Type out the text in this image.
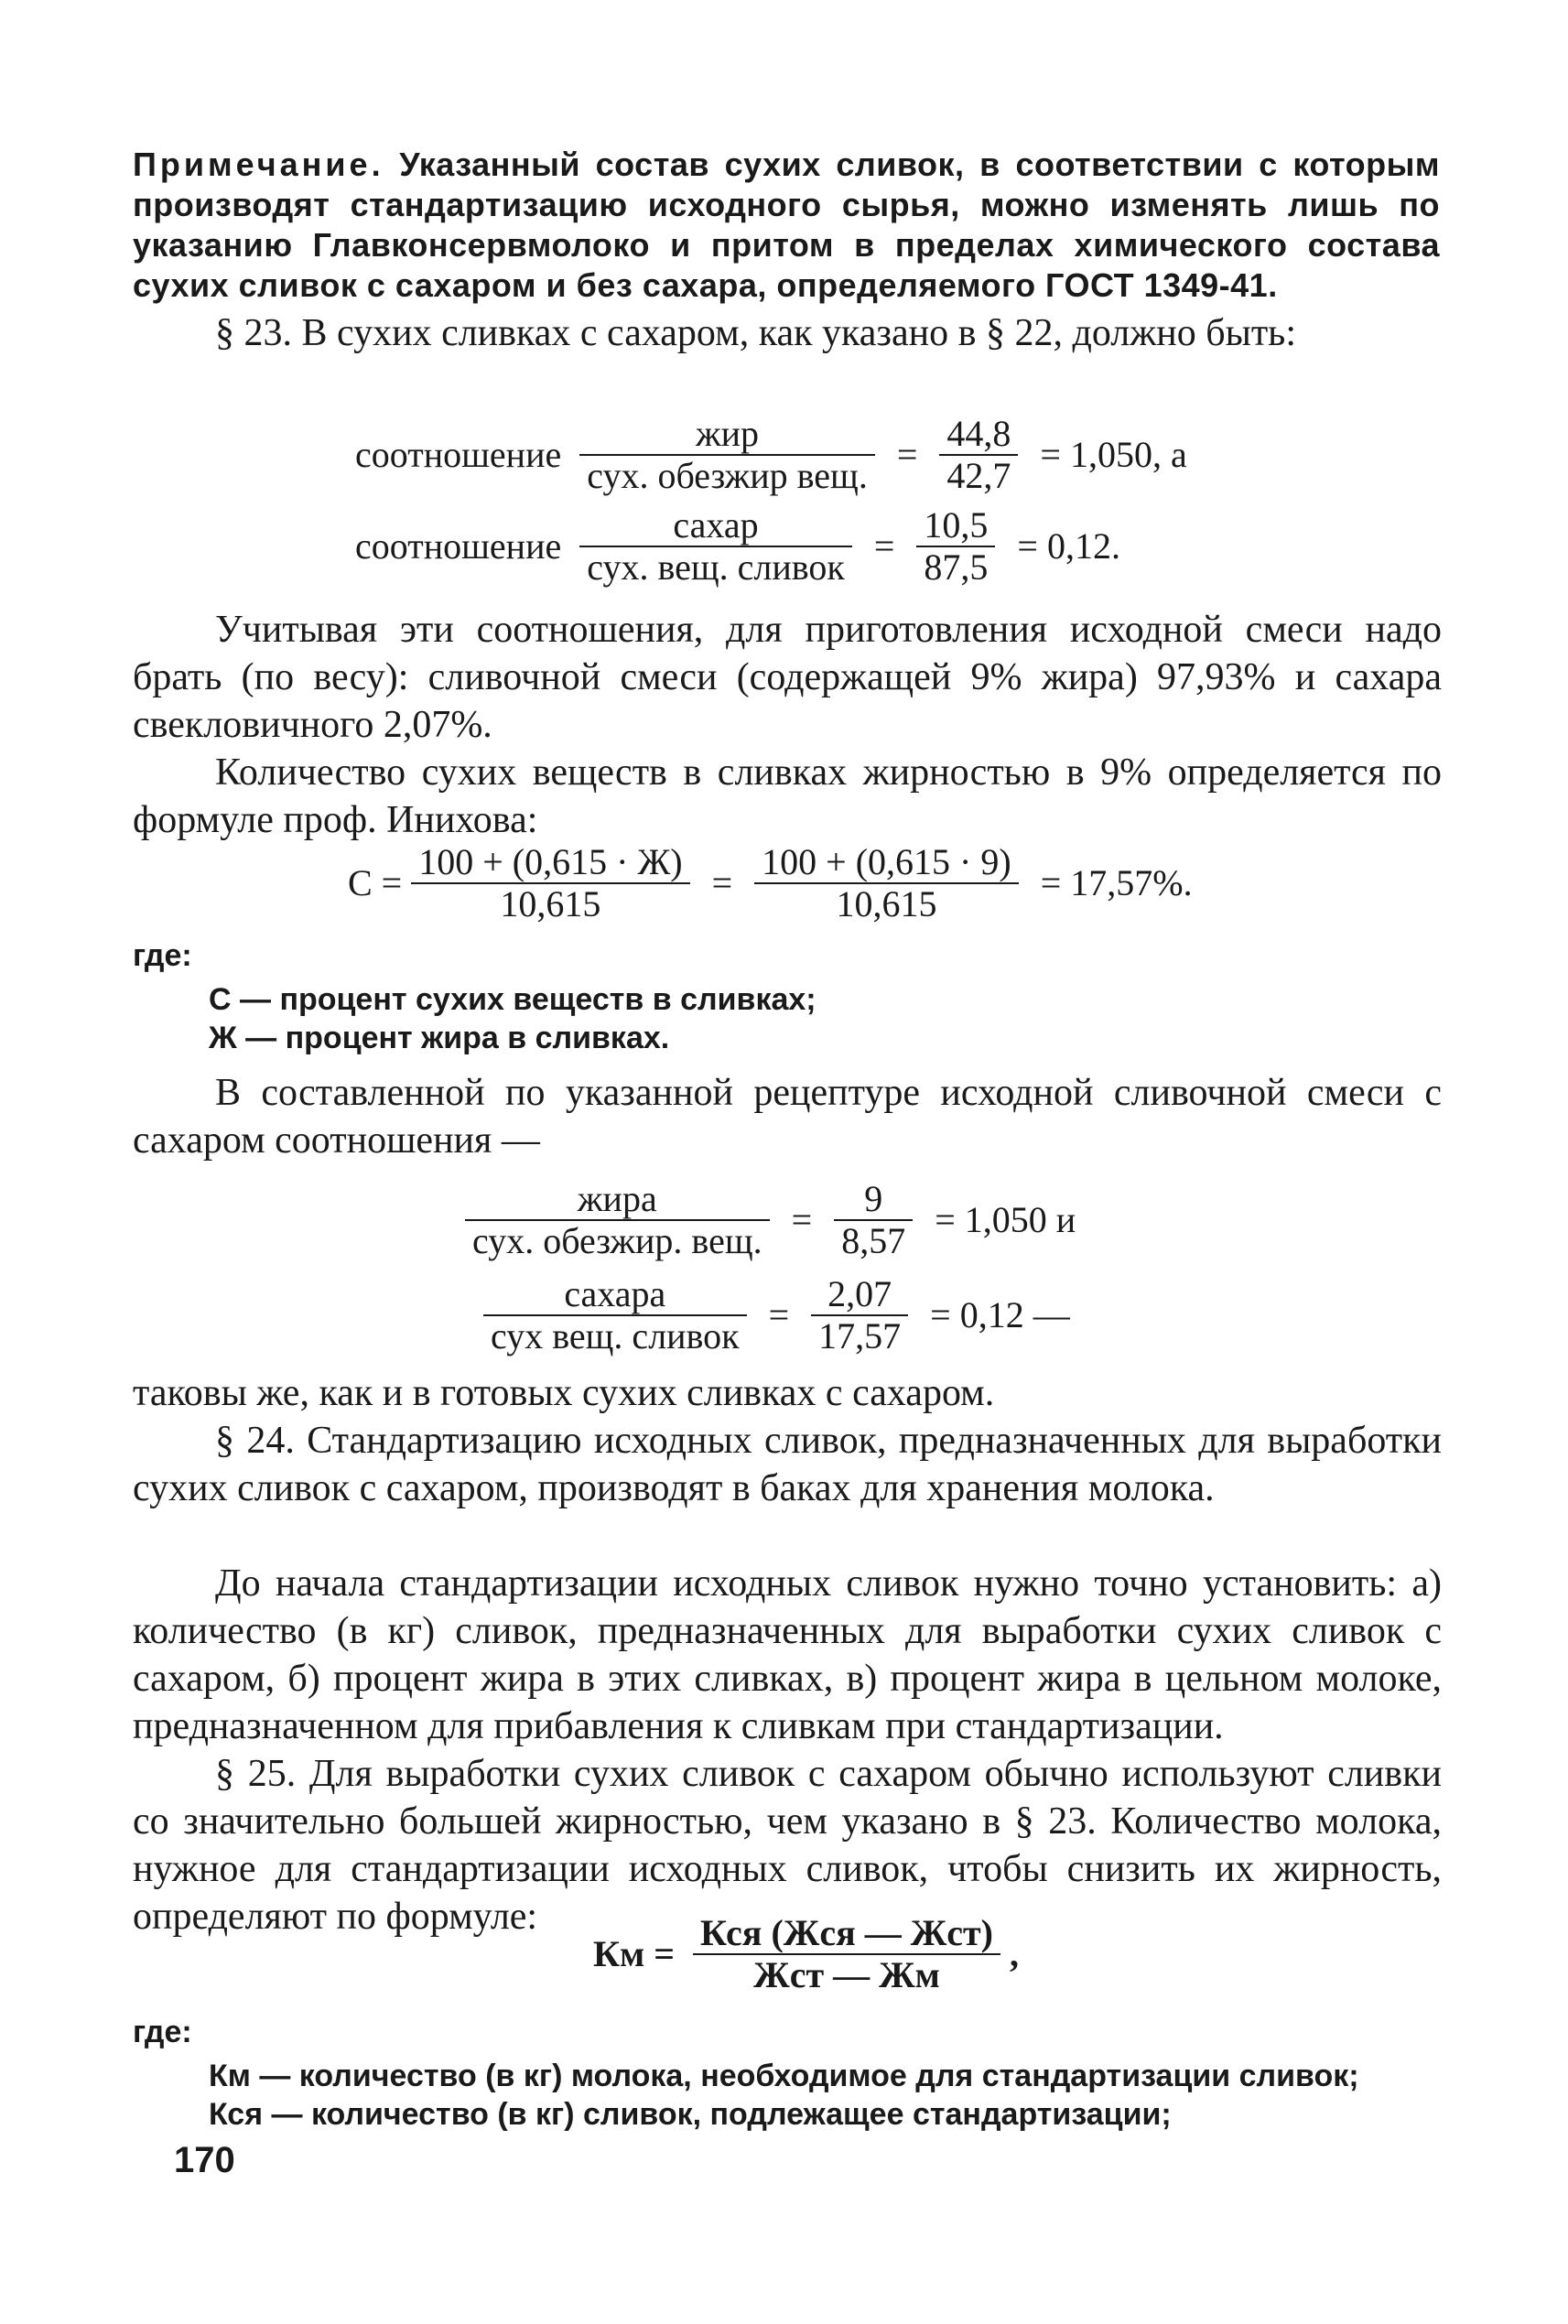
Примечание. Указанный состав сухих сливок, в соответствии с которым производят стандартизацию исходного сырья, можно изменять лишь по указанию Главконсервмолоко и притом в пределах химического состава сухих сливок с сахаром и без сахара, определяемого ГОСТ 1349-41.
§ 23. В сухих сливках с сахаром, как указано в § 22, должно быть:
соотношение $\frac{\text{жир}}{\text{сух. обезжир вещ.}} = \frac{44,8}{42,7} = 1,050$, а
соотношение $\frac{\text{сахар}}{\text{сух. вещ. сливок}} = \frac{10,5}{87,5} = 0,12$.
Учитывая эти соотношения, для приготовления исходной смеси надо брать (по весу): сливочной смеси (содержащей 9% жира) 97,93% и сахара свекловичного 2,07%.
Количество сухих веществ в сливках жирностью в 9% определяется по формуле проф. Инихова:
$С = \frac{100 + (0,615 \cdot Ж)}{10,615} = \frac{100 + (0,615 \cdot 9)}{10,615} = 17,57\%$.
где:
С — процент сухих веществ в сливках;
Ж — процент жира в сливках.
В составленной по указанной рецептуре исходной сливочной смеси с сахаром соотношения —
$\frac{\text{жира}}{\text{сух. обезжир. вещ.}} = \frac{9}{8,57} = 1,050$ и
$\frac{\text{сахара}}{\text{сух вещ. сливок}} = \frac{2,07}{17,57} = 0,12$ —
таковы же, как и в готовых сухих сливках с сахаром.
§ 24. Стандартизацию исходных сливок, предназначенных для выработки сухих сливок с сахаром, производят в баках для хранения молока.
До начала стандартизации исходных сливок нужно точно установить: а) количество (в кг) сливок, предназначенных для выработки сухих сливок с сахаром, б) процент жира в этих сливках, в) процент жира в цельном молоке, предназначенном для прибавления к сливкам при стандартизации.
§ 25. Для выработки сухих сливок с сахаром обычно используют сливки со значительно большей жирностью, чем указано в § 23. Количество молока, нужное для стандартизации исходных сливок, чтобы снизить их жирность, определяют по формуле:
Км = $\frac{\text{Кся (Жся — Жст)}}{\text{Жст — Жм}}$ ,
где:
Км — количество (в кг) молока, необходимое для стандартизации сливок;
Кся — количество (в кг) сливок, подлежащее стандартизации;
170
